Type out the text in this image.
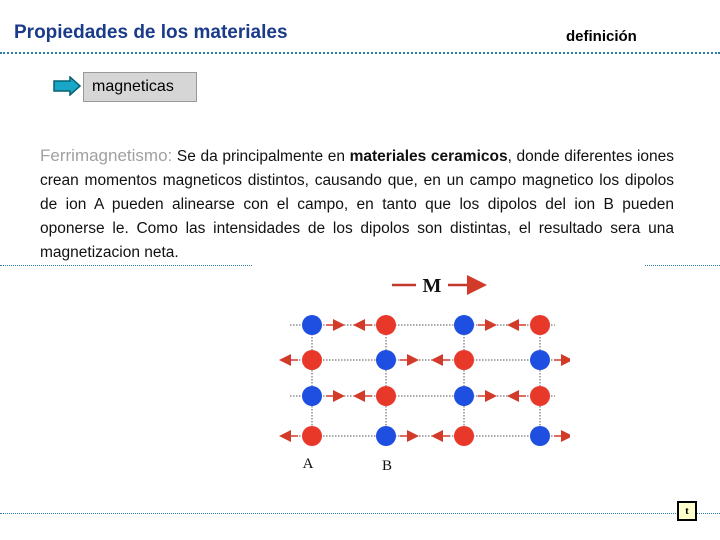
Propiedades de los materiales	definición
magneticas
Ferrimagnetismo: Se da principalmente en materiales ceramicos, donde diferentes iones crean momentos magneticos distintos, causando que, en un campo magnetico los dipolos de ion A pueden alinearse con el campo, en tanto que los dipolos del ion B pueden oponerse le. Como las intensidades de los dipolos son distintas, el resultado sera una magnetizacion neta.
M
A	B
t
